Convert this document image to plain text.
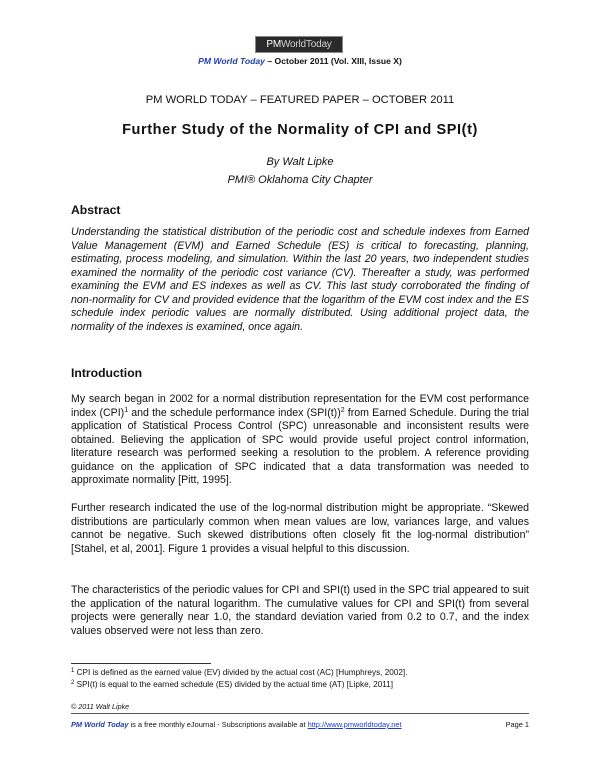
PMWorldToday
PM World Today – October 2011 (Vol. XIII, Issue X)
PM WORLD TODAY – FEATURED PAPER – OCTOBER 2011
Further Study of the Normality of CPI and SPI(t)
By Walt Lipke
PMI® Oklahoma City Chapter
Abstract
Understanding the statistical distribution of the periodic cost and schedule indexes from Earned Value Management (EVM) and Earned Schedule (ES) is critical to forecasting, planning, estimating, process modeling, and simulation. Within the last 20 years, two independent studies examined the normality of the periodic cost variance (CV). Thereafter a study, was performed examining the EVM and ES indexes as well as CV. This last study corroborated the finding of non-normality for CV and provided evidence that the logarithm of the EVM cost index and the ES schedule index periodic values are normally distributed. Using additional project data, the normality of the indexes is examined, once again.
Introduction
My search began in 2002 for a normal distribution representation for the EVM cost performance index (CPI)$^1$ and the schedule performance index $(SPI(t))^2$ from Earned Schedule. During the trial application of Statistical Process Control (SPC) unreasonable and inconsistent results were obtained. Believing the application of SPC would provide useful project control information, literature research was performed seeking a resolution to the problem. A reference providing guidance on the application of SPC indicated that a data transformation was needed to approximate normality [Pitt, 1995].
Further research indicated the use of the log-normal distribution might be appropriate. “Skewed distributions are particularly common when mean values are low, variances large, and values cannot be negative. Such skewed distributions often closely fit the log-normal distribution” [Stahel, et al, 2001]. Figure 1 provides a visual helpful to this discussion.
The characteristics of the periodic values for CPI and SPI(t) used in the SPC trial appeared to suit the application of the natural logarithm. The cumulative values for CPI and SPI(t) from several projects were generally near 1.0, the standard deviation varied from 0.2 to 0.7, and the index values observed were not less than zero.
$^1$ CPI is defined as the earned value (EV) divided by the actual cost (AC) [Humphreys, 2002].
$^2$ SPI(t) is equal to the earned schedule (ES) divided by the actual time (AT) [Lipke, 2011]
© 2011 Walt Lipke
PM World Today is a free monthly eJournal - Subscriptions available at http://www.pmworldtoday.net	Page 1
